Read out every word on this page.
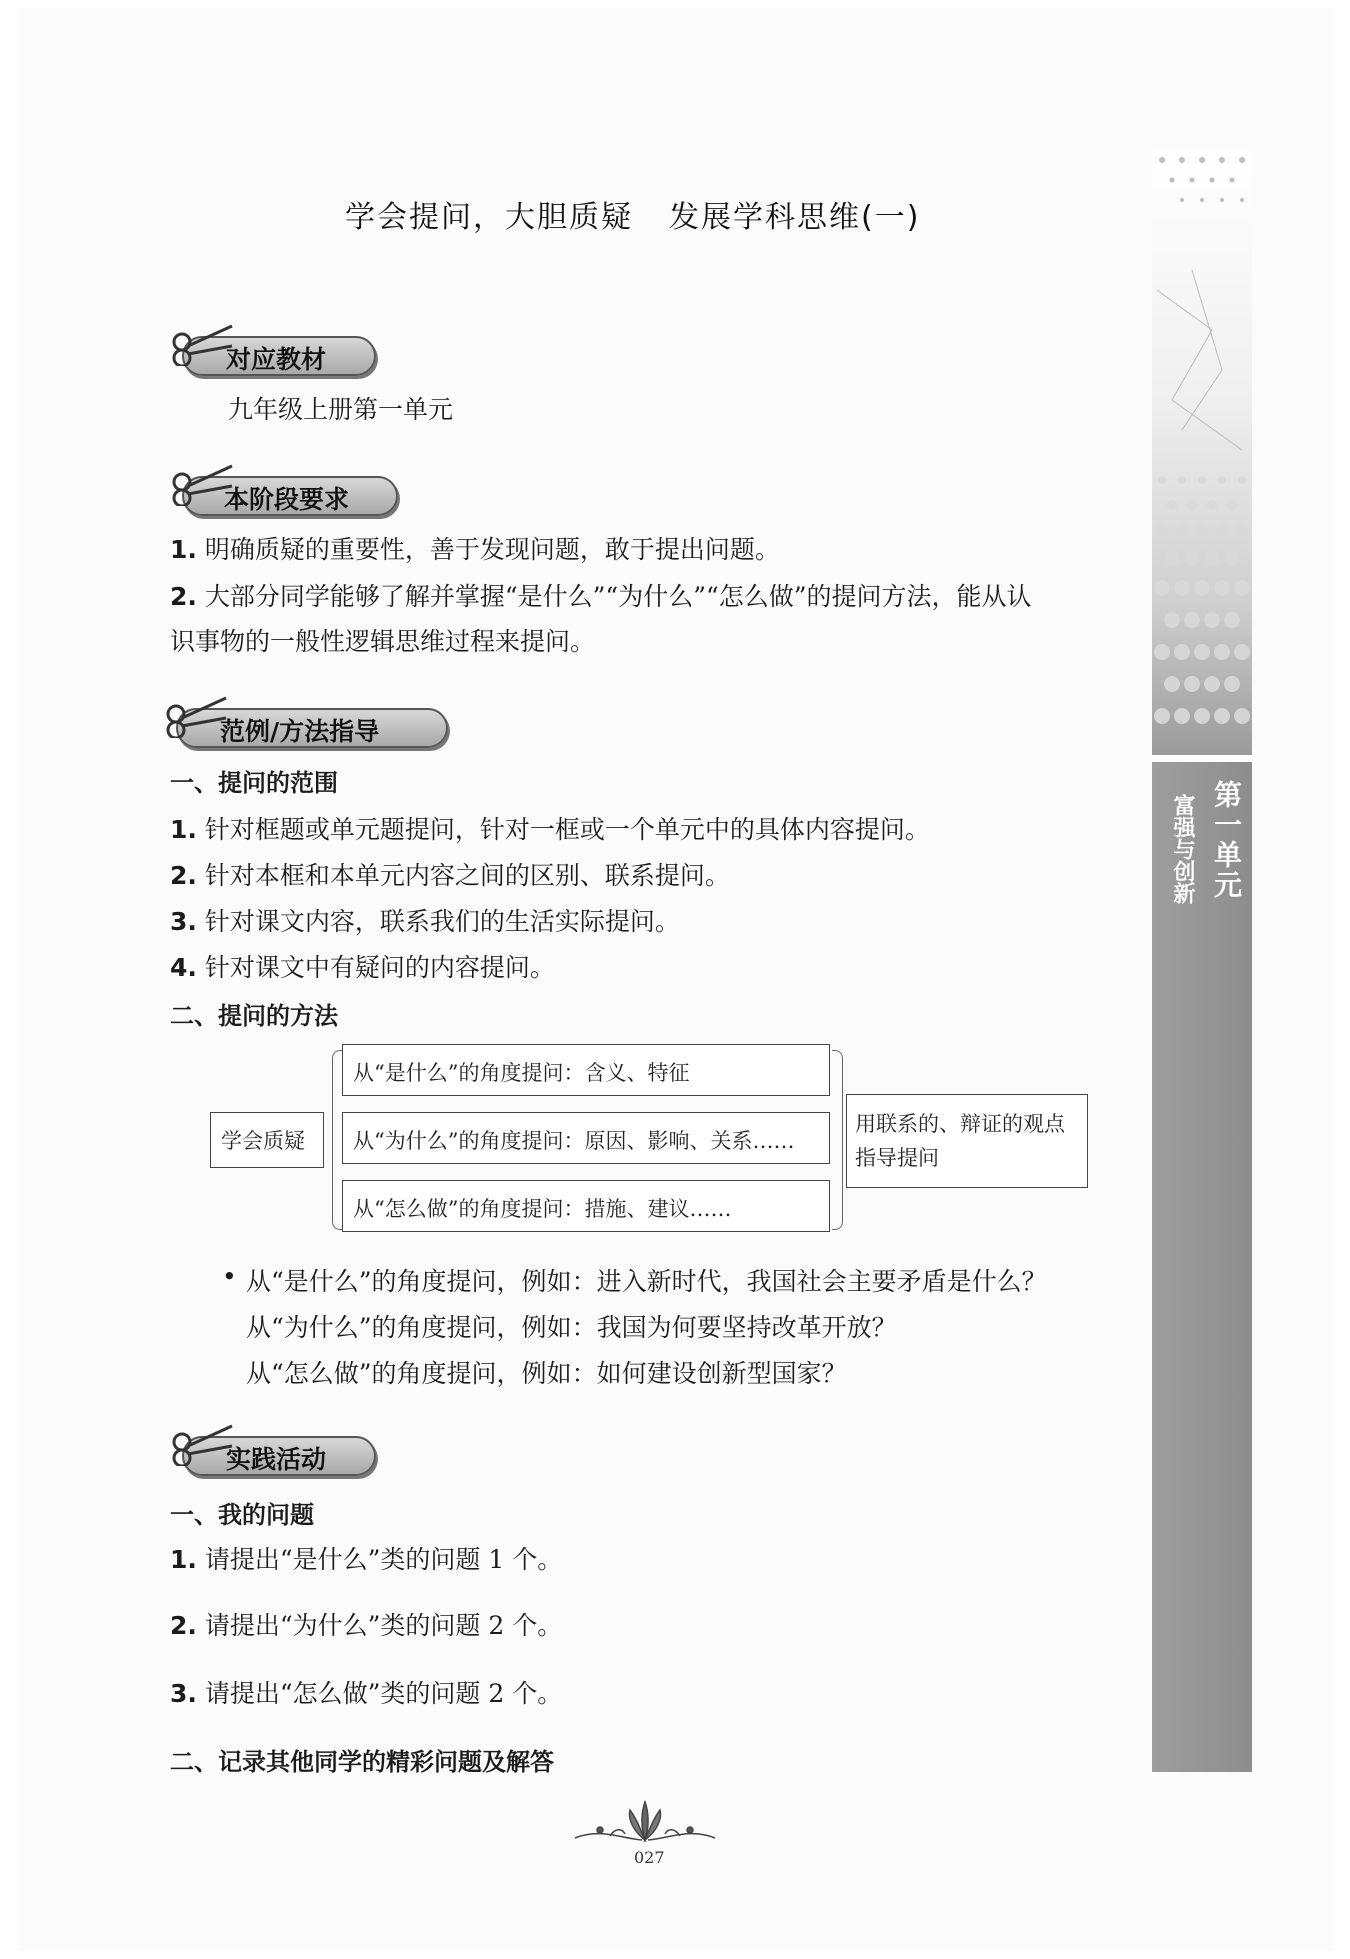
学会提问，大胆质疑 发展学科思维(一)
对应教材
九年级上册第一单元
本阶段要求
1. 明确质疑的重要性，善于发现问题，敢于提出问题。
2. 大部分同学能够了解并掌握“是什么”“为什么”“怎么做”的提问方法，能从认
识事物的一般性逻辑思维过程来提问。
范例/方法指导
一、提问的范围
1. 针对框题或单元题提问，针对一框或一个单元中的具体内容提问。
2. 针对本框和本单元内容之间的区别、联系提问。
3. 针对课文内容，联系我们的生活实际提问。
4. 针对课文中有疑问的内容提问。
二、提问的方法
学会质疑
从“是什么”的角度提问：含义、特征
从“为什么”的角度提问：原因、影响、关系……
从“怎么做”的角度提问：措施、建议……
用联系的、辩证的观点
指导提问
• 从“是什么”的角度提问，例如：进入新时代，我国社会主要矛盾是什么？
从“为什么”的角度提问，例如：我国为何要坚持改革开放？
从“怎么做”的角度提问，例如：如何建设创新型国家？
实践活动
一、我的问题
1. 请提出“是什么”类的问题 1 个。
2. 请提出“为什么”类的问题 2 个。
3. 请提出“怎么做”类的问题 2 个。
二、记录其他同学的精彩问题及解答
第一单元
富强与创新
027
